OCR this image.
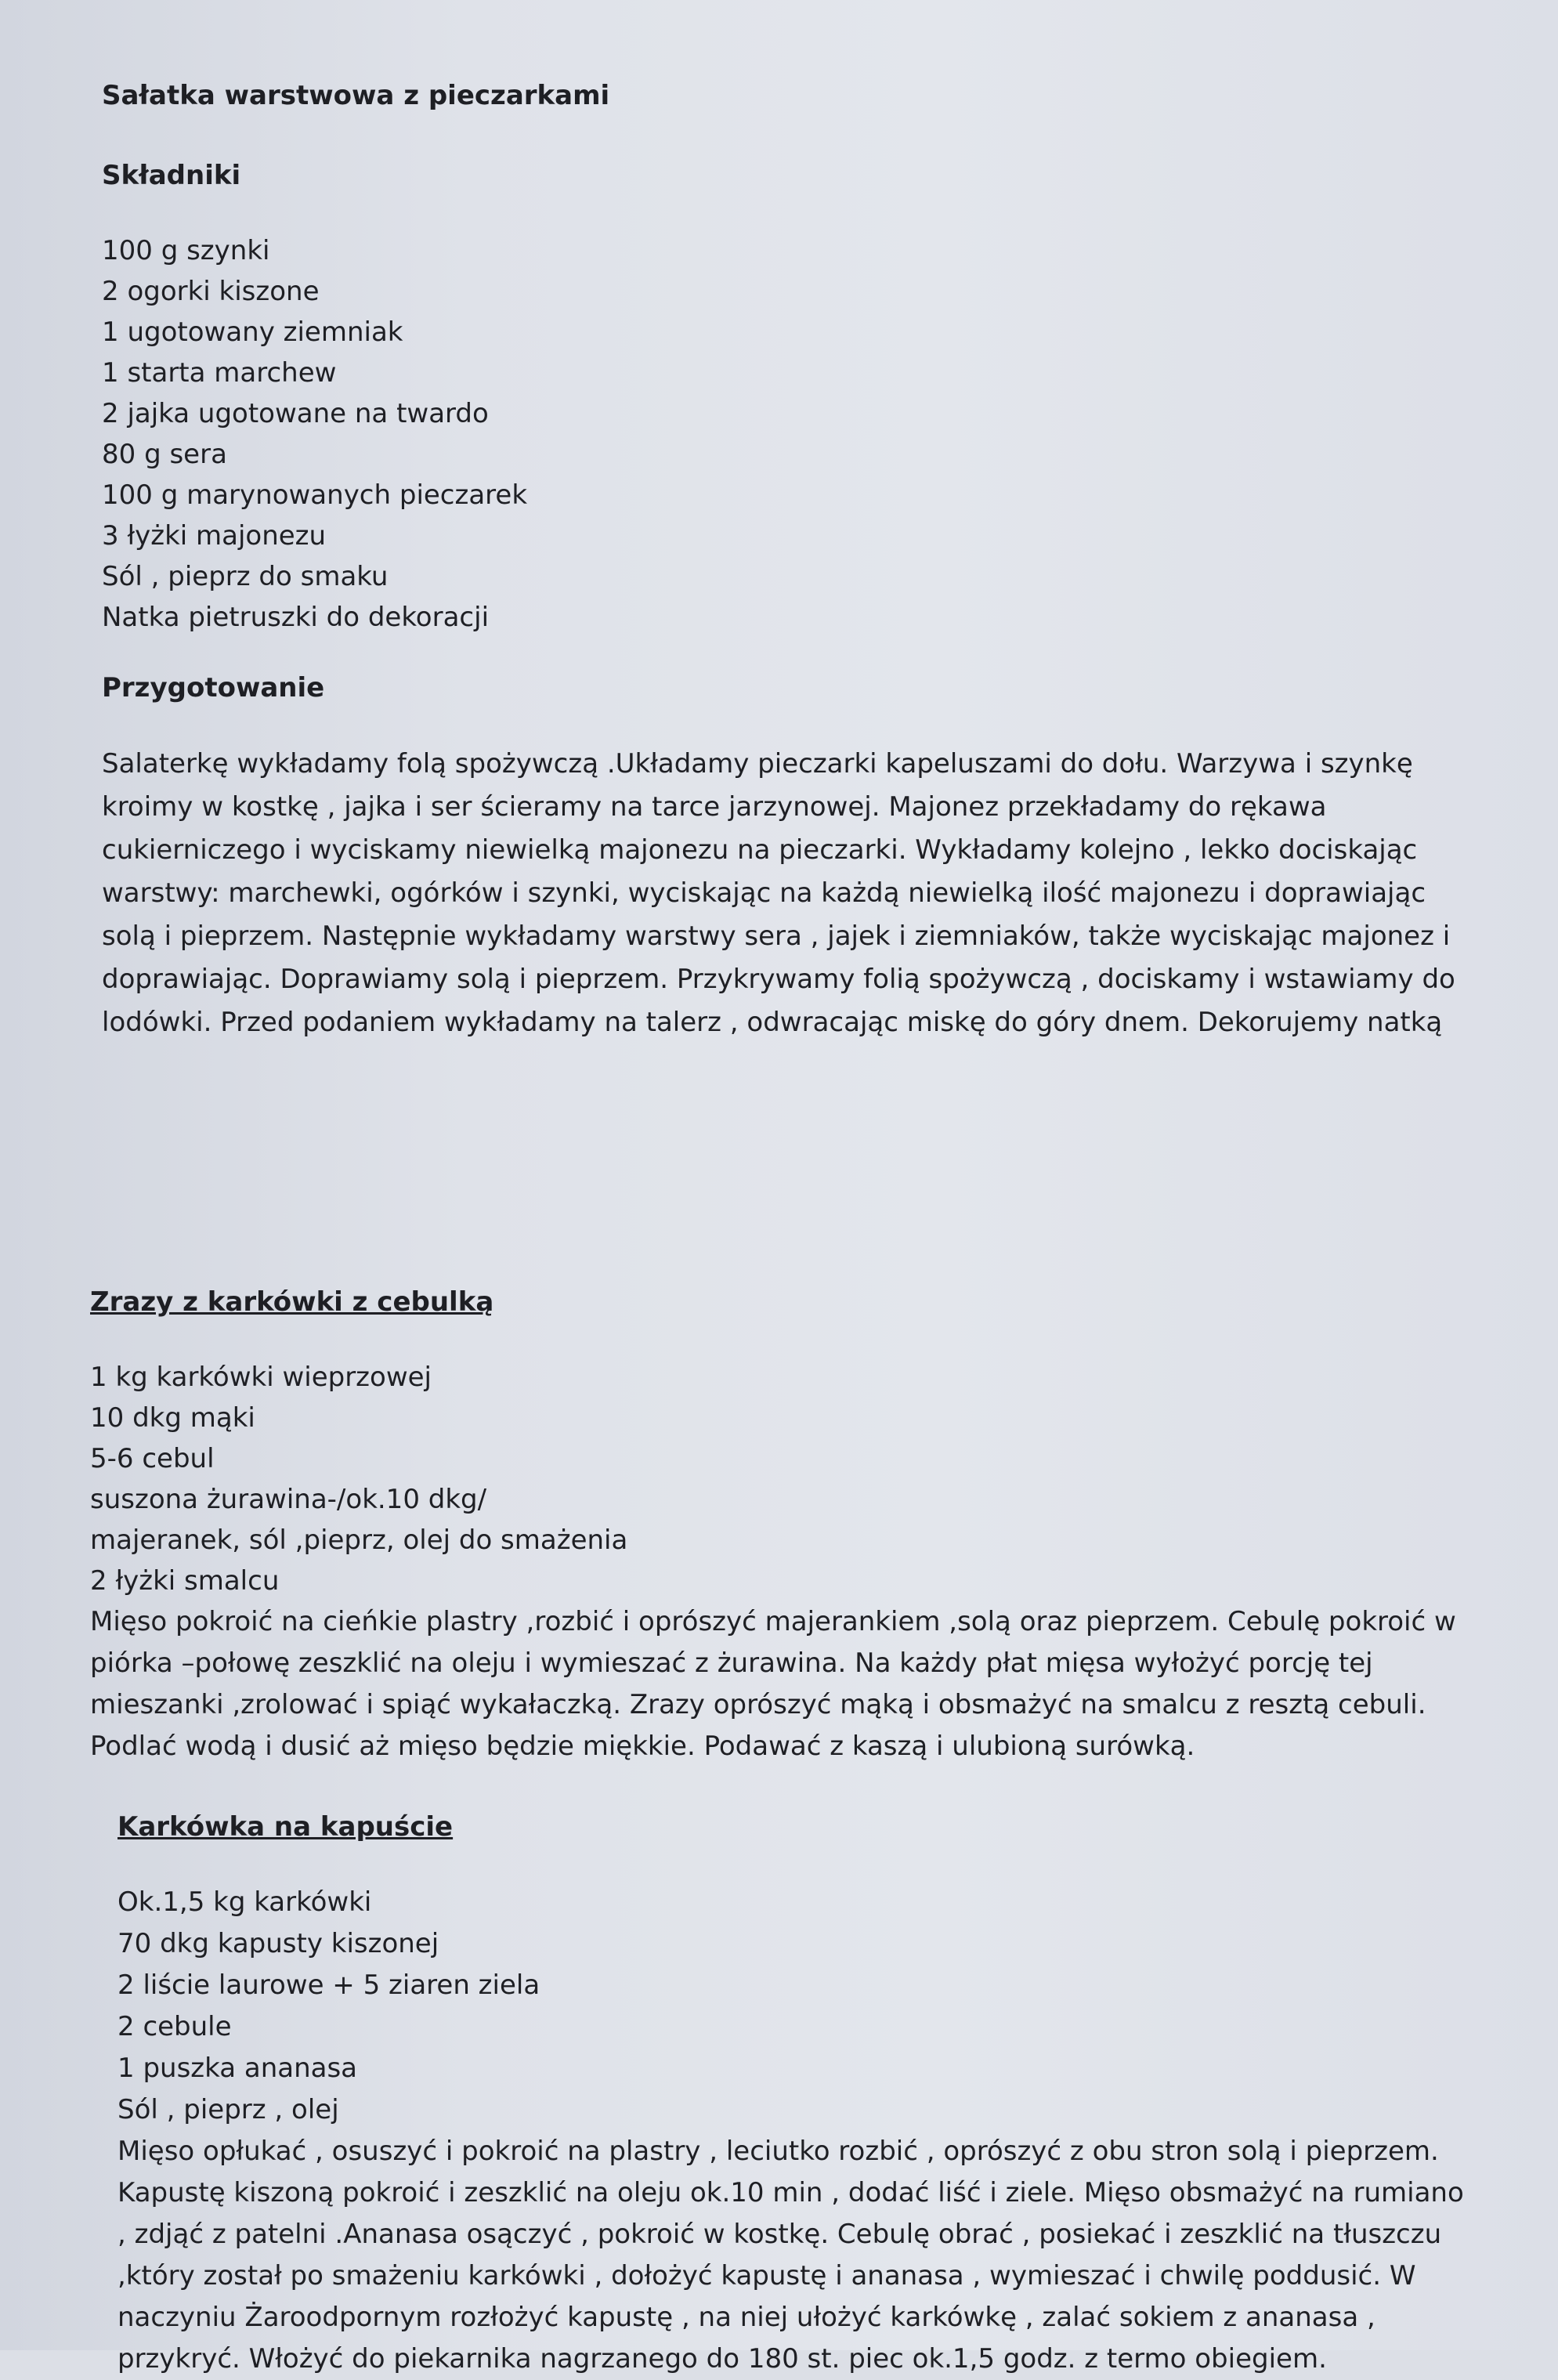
Sałatka warstwowa z pieczarkami
Składniki
100 g szynki
2 ogorki kiszone
1 ugotowany ziemniak
1 starta marchew
2 jajka ugotowane na twardo
80 g sera
100 g marynowanych pieczarek
3 łyżki majonezu
Sól , pieprz do smaku
Natka pietruszki do dekoracji
Przygotowanie

Salaterkę wykładamy folą spożywczą .Układamy pieczarki kapeluszami do dołu. Warzywa i szynkę kroimy w kostkę , jajka i ser ścieramy na tarce jarzynowej. Majonez przekładamy do rękawa cukierniczego i wyciskamy niewielką majonezu na pieczarki. Wykładamy kolejno , lekko dociskając warstwy: marchewki, ogórków i szynki, wyciskając na każdą niewielką ilość majonezu i doprawiając solą i pieprzem. Następnie wykładamy warstwy sera , jajek i ziemniaków, także wyciskając majonez i doprawiając. Doprawiamy solą i pieprzem. Przykrywamy folią spożywczą , dociskamy i wstawiamy do lodówki. Przed podaniem wykładamy na talerz , odwracając miskę do góry dnem. Dekorujemy natką

Zrazy z karkówki z cebulką
1 kg karkówki wieprzowej
10 dkg mąki
5-6 cebul
suszona żurawina-/ok.10 dkg/
majeranek, sól ,pieprz, olej do smażenia
2 łyżki smalcu

Mięso pokroić na cieńkie plastry ,rozbić i oprószyć majerankiem ,solą oraz pieprzem. Cebulę pokroić w piórka –połowę zeszklić na oleju i wymieszać z żurawina. Na każdy płat mięsa wyłożyć porcję tej mieszanki ,zrolować i spiąć wykałaczką. Zrazy oprószyć mąką i obsmażyć na smalcu z resztą cebuli. Podlać wodą i dusić aż mięso będzie miękkie. Podawać z kaszą i ulubioną surówką.

Karkówka na kapuście
Ok.1,5 kg karkówki
70 dkg kapusty kiszonej
2 liście laurowe + 5 ziaren ziela
2 cebule
1 puszka ananasa
Sól , pieprz , olej

Mięso opłukać , osuszyć i pokroić na plastry , leciutko rozbić , oprószyć z obu stron solą i pieprzem. Kapustę kiszoną pokroić i zeszklić na oleju ok.10 min , dodać liść i ziele. Mięso obsmażyć na rumiano , zdjąć z patelni .Ananasa osączyć , pokroić w kostkę. Cebulę obrać , posiekać i zeszklić na tłuszczu ,który został po smażeniu karkówki , dołożyć kapustę i ananasa , wymieszać i chwilę poddusić. W naczyniu Żaroodpornym rozłożyć kapustę , na niej ułożyć karkówkę , zalać sokiem z ananasa , przykryć. Włożyć do piekarnika nagrzanego do 180 st. piec ok.1,5 godz. z termo obiegiem.
